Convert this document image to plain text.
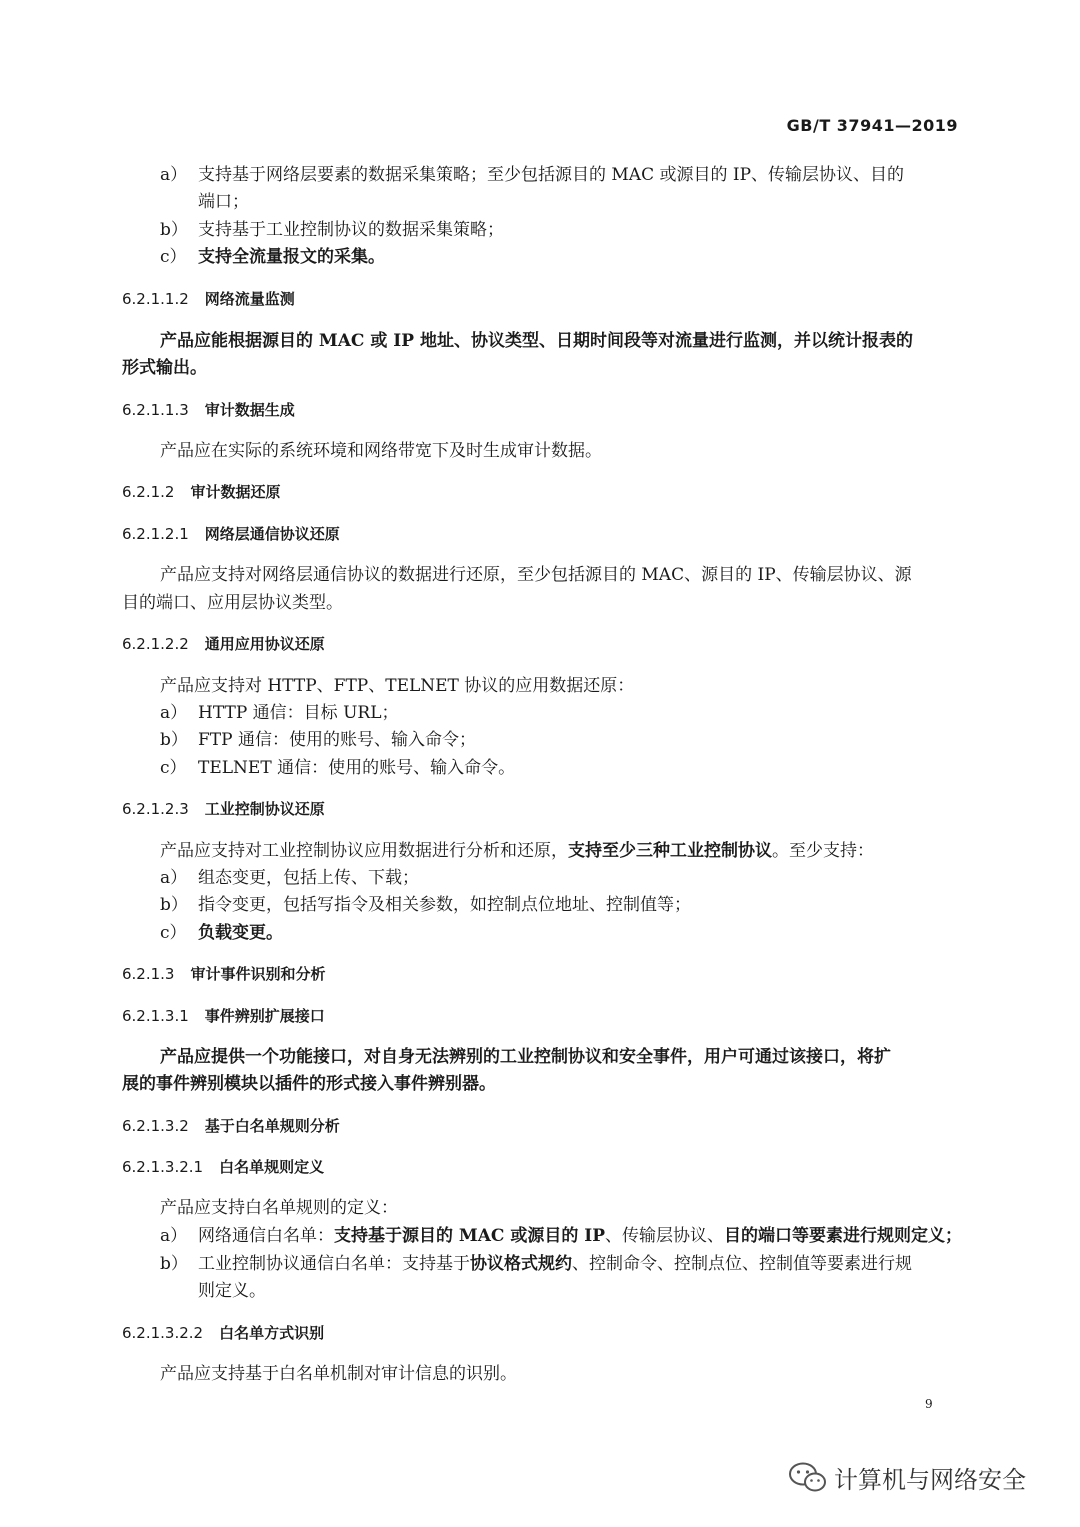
GB/T 37941—2019
a） 支持基于网络层要素的数据采集策略；至少包括源目的 MAC 或源目的 IP、传输层协议、目的
端口；
b） 支持基于工业控制协议的数据采集策略；
c） 支持全流量报文的采集。
6.2.1.1.2 网络流量监测
产品应能根据源目的 MAC 或 IP 地址、协议类型、日期时间段等对流量进行监测，并以统计报表的
形式输出。
6.2.1.1.3 审计数据生成
产品应在实际的系统环境和网络带宽下及时生成审计数据。
6.2.1.2 审计数据还原
6.2.1.2.1 网络层通信协议还原
产品应支持对网络层通信协议的数据进行还原，至少包括源目的 MAC、源目的 IP、传输层协议、源
目的端口、应用层协议类型。
6.2.1.2.2 通用应用协议还原
产品应支持对 HTTP、FTP、TELNET 协议的应用数据还原：
a） HTTP 通信：目标 URL；
b） FTP 通信：使用的账号、输入命令；
c） TELNET 通信：使用的账号、输入命令。
6.2.1.2.3 工业控制协议还原
产品应支持对工业控制协议应用数据进行分析和还原，支持至少三种工业控制协议。至少支持：
a） 组态变更，包括上传、下载；
b） 指令变更，包括写指令及相关参数，如控制点位地址、控制值等；
c） 负载变更。
6.2.1.3 审计事件识别和分析
6.2.1.3.1 事件辨别扩展接口
产品应提供一个功能接口，对自身无法辨别的工业控制协议和安全事件，用户可通过该接口，将扩
展的事件辨别模块以插件的形式接入事件辨别器。
6.2.1.3.2 基于白名单规则分析
6.2.1.3.2.1 白名单规则定义
产品应支持白名单规则的定义：
a） 网络通信白名单：支持基于源目的 MAC 或源目的 IP、传输层协议、目的端口等要素进行规则定义；
b） 工业控制协议通信白名单：支持基于协议格式规约、控制命令、控制点位、控制值等要素进行规
则定义。
6.2.1.3.2.2 白名单方式识别
产品应支持基于白名单机制对审计信息的识别。
9
计算机与网络安全
